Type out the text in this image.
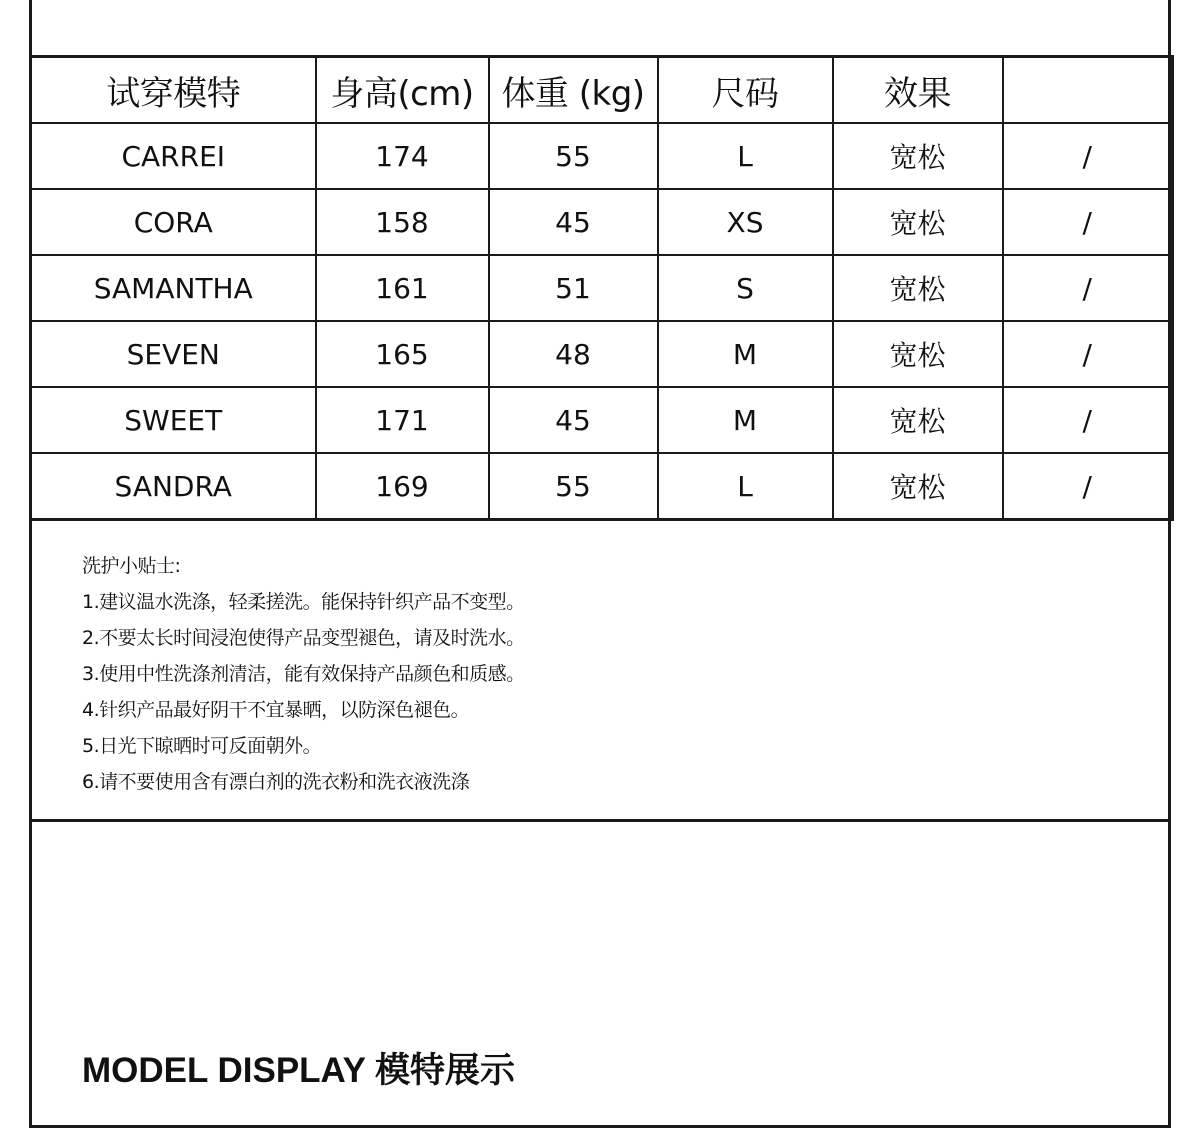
试穿模特	身高(cm)	体重 (kg)	尺码	效果	
CARREI	174	55	L	宽松	/
CORA	158	45	XS	宽松	/
SAMANTHA	161	51	S	宽松	/
SEVEN	165	48	M	宽松	/
SWEET	171	45	M	宽松	/
SANDRA	169	55	L	宽松	/
洗护小贴士:
1.建议温水洗涤，轻柔搓洗。能保持针织产品不变型。
2.不要太长时间浸泡使得产品变型褪色，请及时洗水。
3.使用中性洗涤剂清洁，能有效保持产品颜色和质感。
4.针织产品最好阴干不宜暴晒，以防深色褪色。
5.日光下晾晒时可反面朝外。
6.请不要使用含有漂白剂的洗衣粉和洗衣液洗涤
MODEL DISPLAY 模特展示
